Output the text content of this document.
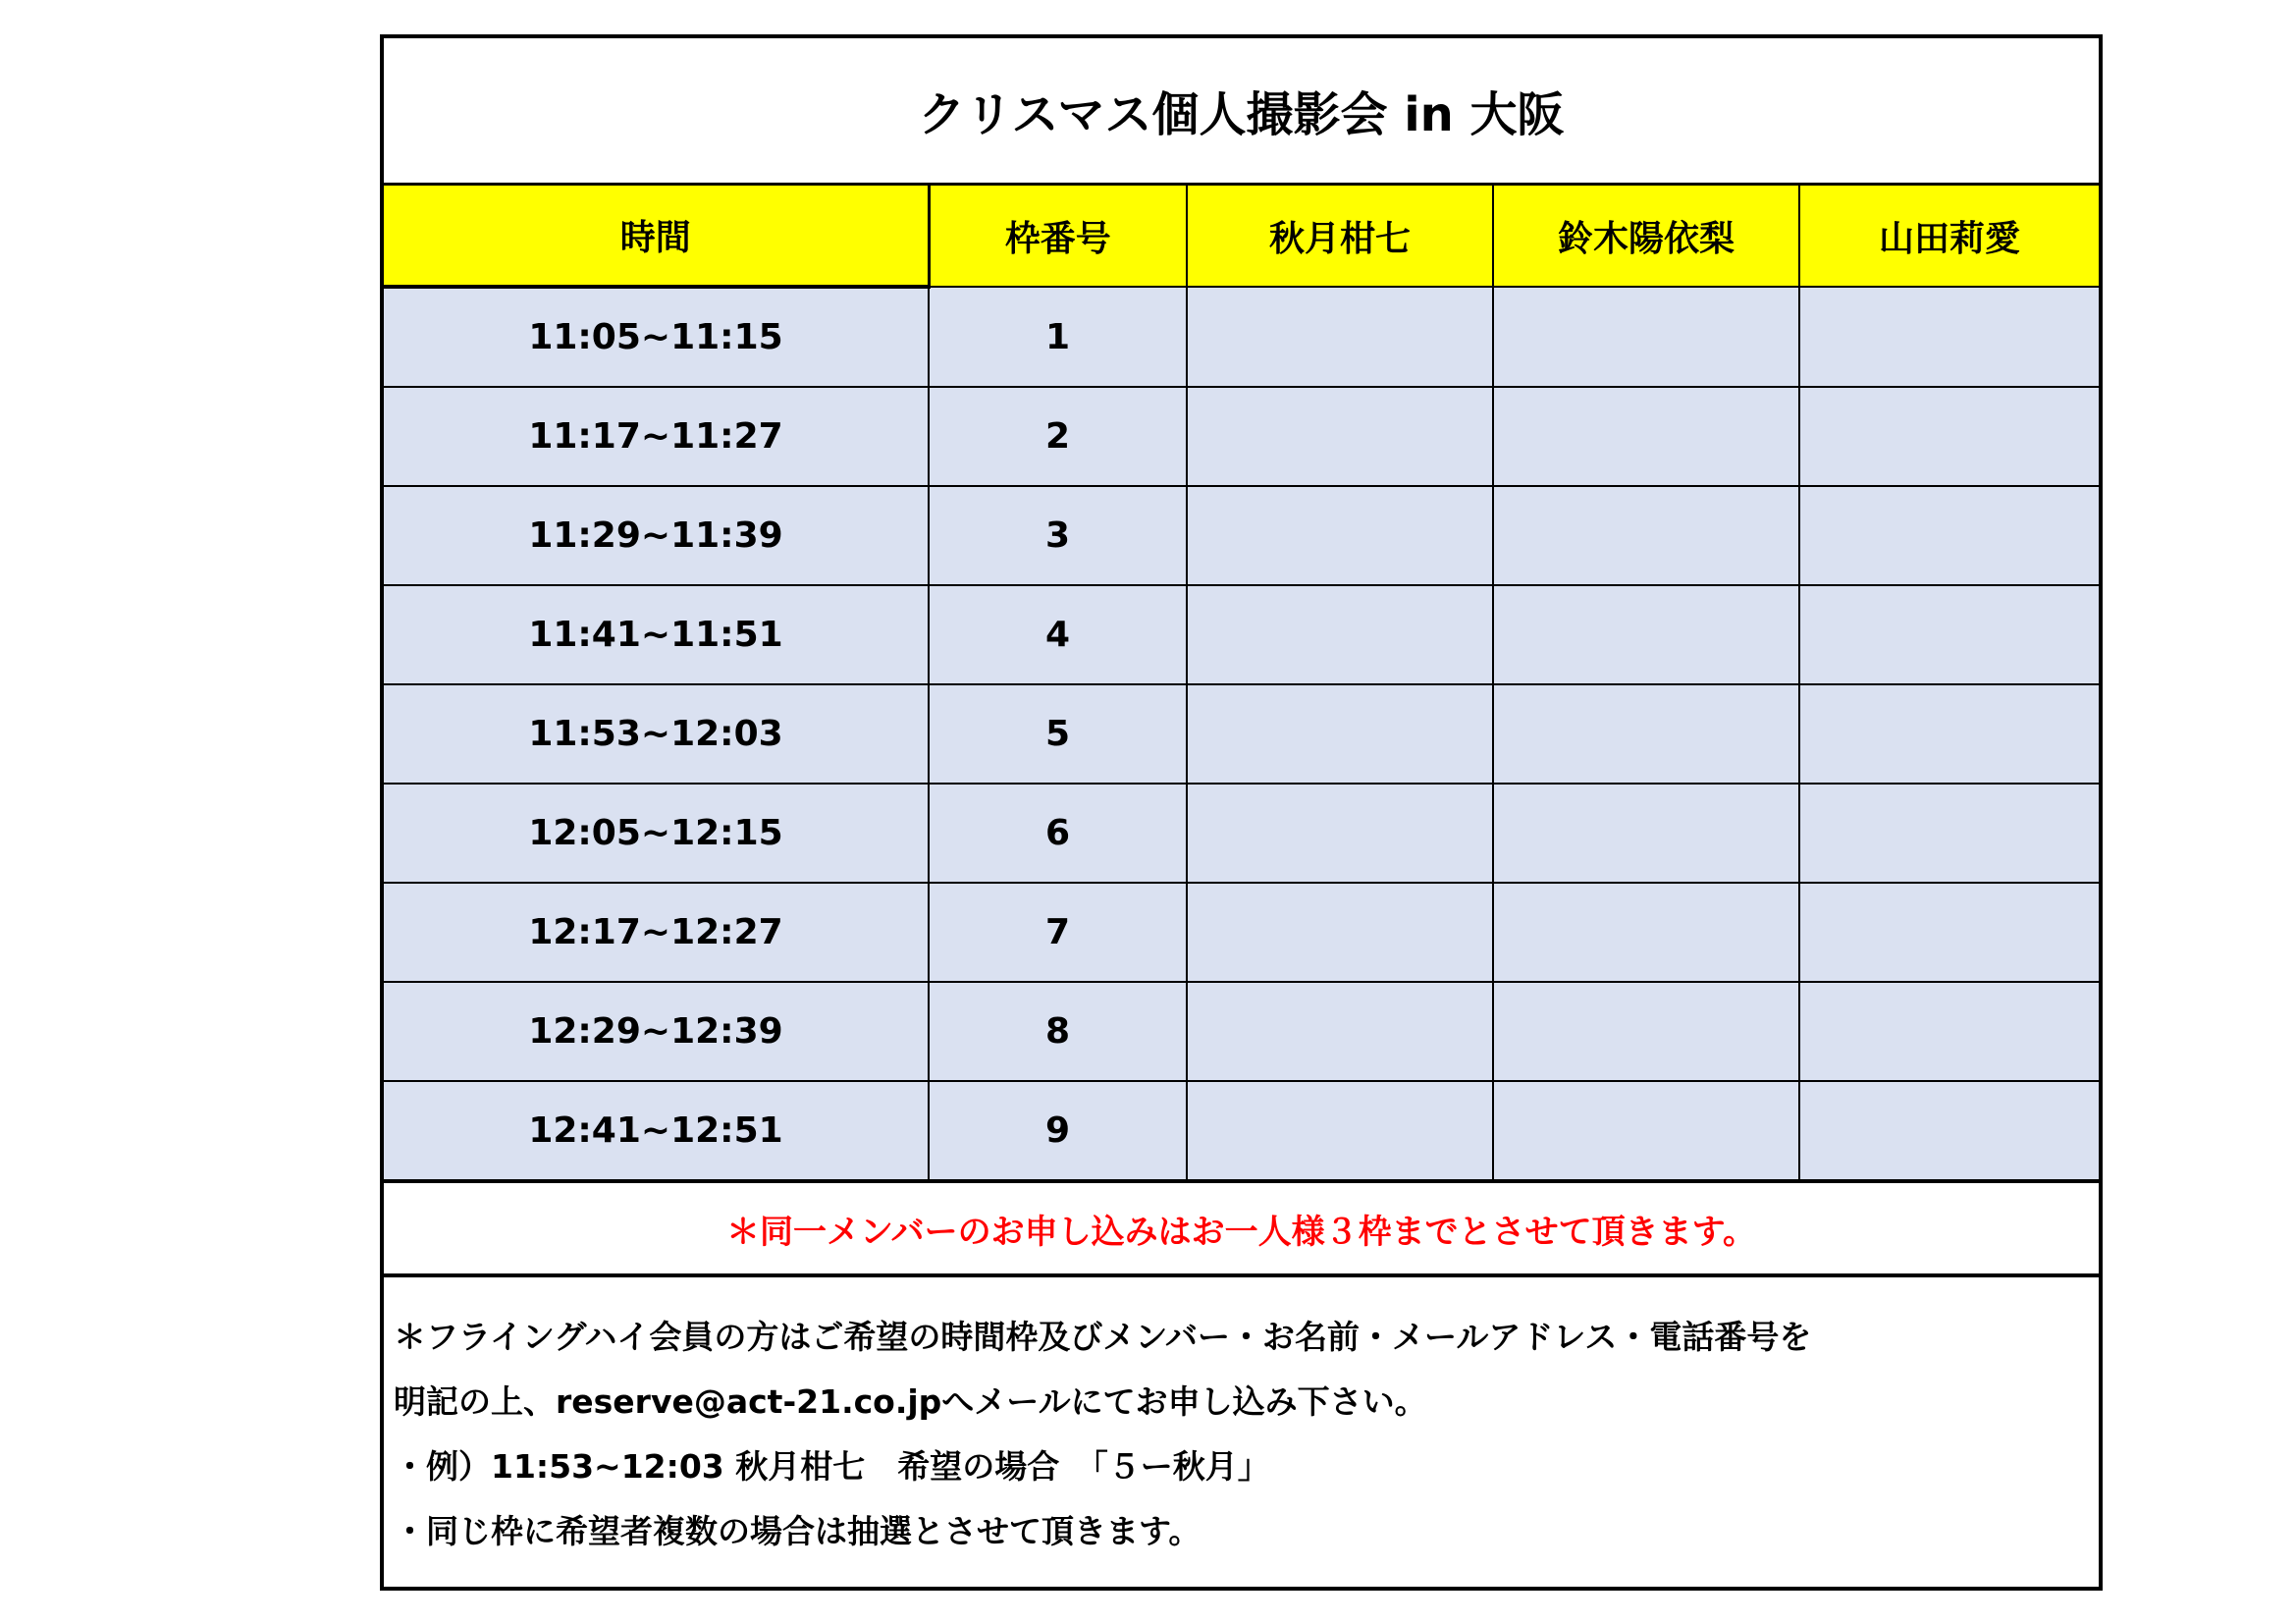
クリスマス個人撮影会 in 大阪
時間	枠番号	秋月柑七	鈴木陽依梨	山田莉愛
11:05~11:15	1			
11:17~11:27	2			
11:29~11:39	3			
11:41~11:51	4			
11:53~12:03	5			
12:05~12:15	6			
12:17~12:27	7			
12:29~12:39	8			
12:41~12:51	9			
＊同一メンバーのお申し込みはお一人様３枠までとさせて頂きます。
＊フライングハイ会員の方はご希望の時間枠及びメンバー・お名前・メールアドレス・電話番号を
明記の上、reserve@act-21.co.jpへメールにてお申し込み下さい。
・例）11:53~12:03 秋月柑七　希望の場合　「５ー秋月」
・同じ枠に希望者複数の場合は抽選とさせて頂きます。
